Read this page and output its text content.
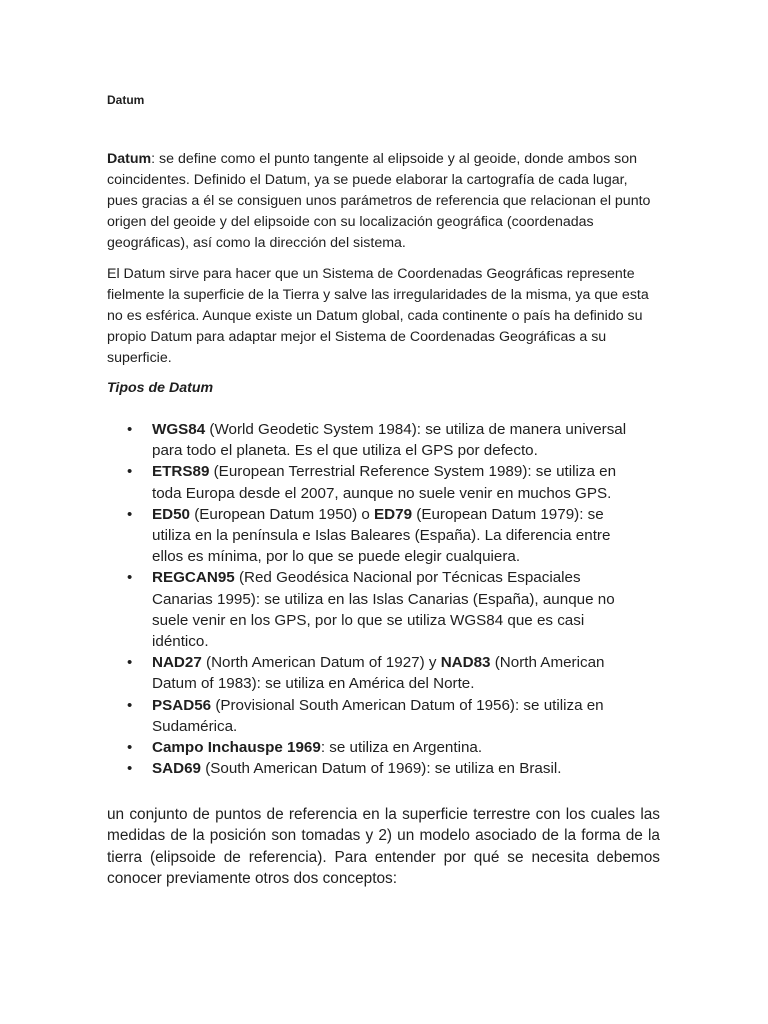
Datum

Datum: se define como el punto tangente al elipsoide y al geoide, donde ambos son coincidentes. Definido el Datum, ya se puede elaborar la cartografía de cada lugar, pues gracias a él se consiguen unos parámetros de referencia que relacionan el punto origen del geoide y del elipsoide con su localización geográfica (coordenadas geográficas), así como la dirección del sistema.

El Datum sirve para hacer que un Sistema de Coordenadas Geográficas represente fielmente la superficie de la Tierra y salve las irregularidades de la misma, ya que esta no es esférica. Aunque existe un Datum global, cada continente o país ha definido su propio Datum para adaptar mejor el Sistema de Coordenadas Geográficas a su superficie.

Tipos de Datum

• WGS84 (World Geodetic System 1984): se utiliza de manera universal para todo el planeta. Es el que utiliza el GPS por defecto.
• ETRS89 (European Terrestrial Reference System 1989): se utiliza en toda Europa desde el 2007, aunque no suele venir en muchos GPS.
• ED50 (European Datum 1950) o ED79 (European Datum 1979): se utiliza en la península e Islas Baleares (España). La diferencia entre ellos es mínima, por lo que se puede elegir cualquiera.
• REGCAN95 (Red Geodésica Nacional por Técnicas Espaciales Canarias 1995): se utiliza en las Islas Canarias (España), aunque no suele venir en los GPS, por lo que se utiliza WGS84 que es casi idéntico.
• NAD27 (North American Datum of 1927) y NAD83 (North American Datum of 1983): se utiliza en América del Norte.
• PSAD56 (Provisional South American Datum of 1956): se utiliza en Sudamérica.
• Campo Inchauspe 1969: se utiliza en Argentina.
• SAD69 (South American Datum of 1969): se utiliza en Brasil.

un conjunto de puntos de referencia en la superficie terrestre con los cuales las medidas de la posición son tomadas y 2) un modelo asociado de la forma de la tierra (elipsoide de referencia). Para entender por qué se necesita debemos conocer previamente otros dos conceptos:
